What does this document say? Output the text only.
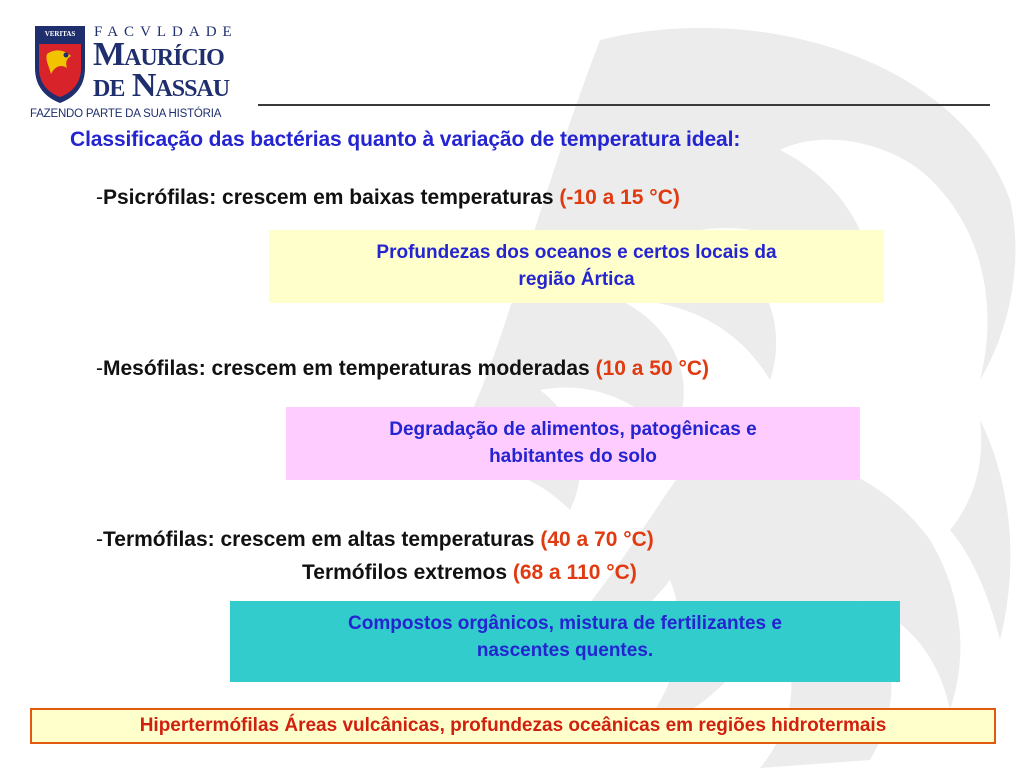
VERITAS FACVLDADE
Maurício
de Nassau
FAZENDO PARTE DA SUA HISTÓRIA
Classificação das bactérias quanto à variação de temperatura ideal:
-Psicrófilas: crescem em baixas temperaturas (-10 a 15 °C)
Profundezas dos oceanos e certos locais da
região Ártica
-Mesófilas: crescem em temperaturas moderadas (10 a 50 °C)
Degradação de alimentos, patogênicas e
habitantes do solo
-Termófilas: crescem em altas temperaturas (40 a 70 °C)
Termófilos extremos (68 a 110 °C)
Compostos orgânicos, mistura de fertilizantes e
nascentes quentes.
Hipertermófilas Áreas vulcânicas, profundezas oceânicas em regiões hidrotermais
